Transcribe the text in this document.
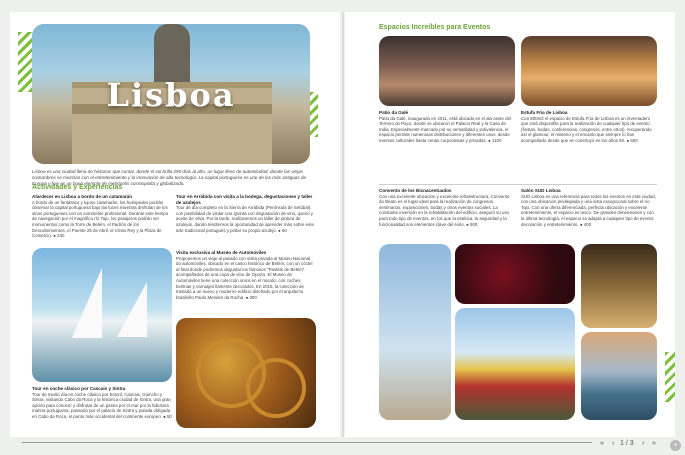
Lisboa

Lisboa es una ciudad llena de historias que contar, donde el sol brilla 290 días al año, un lugar lleno de autenticidad, donde las viejas costumbres se mezclan con el entretenimiento y la innovación de alta tecnología. La capital portuguesa es uno de las más antiguas de Europa y hay es un buen ejemplo de metrópolis cosmopolita y globalizada.

Actividades y Experiencias
Atardecer en Lisboa a bordo de un catamarán
A bordo de un fantástico y lujoso catamarán, los huéspedes podrán observar la capital portuguesa bajo las luces mientras disfrutan de los vinos portugueses con un sommelier profesional. Durante este tiempo de navegación por el magnífico río Tajo, los pasajeros podrán ver monumentos como la Torre de Belém, el Padrón de los Descubrimientos, el Puente 25 de Abril, el Cristo Rey y la Plaza de Comercio. ● 240
Tour en coche clásico por Cascais y Sintra
Tour de medio día en coche clásico por Estoril, Cascais, Guincho y Sintra, visitando Cabo da Roca y la histórica ciudad de Sintra, una gran opción para conocer y disfrutar de un paseo por el mar por la fabulosa marina portuguesa, pasando por el palacio de Sintra y parada obligada en Cabo da Roca, el punto más occidental del continente europeo. ● 50
Tour en Arrábida con visita a la bodega, degustaciones y taller de azulejos
Tour de día completo en la Sierra de Arrábida (Península de Setúbal), con posibilidad de visitar una Quinta con degustación de vino, queso y aceite de oliva. Por la tarde, realizaremos un taller de pintura de azulejos, dando tendremos la oportunidad de aprender más sobre este arte tradicional portugués y pintar su propio azulejo. ● 60
Visita exclusiva al Museo de Automóviles
Proponemos un viaje al pasado con visita privada al Museu Nacional do automóviles, ubicado en el casco histórico de Belém, con un cóctel al final donde podremos degustar los famosos "Pastéis de Belém" acompañados de una copa de vino de Oporto. El Museo de Automóviles tiene una colección única en el mundo, con coches, berlinas y carruajes llamente decorados. En 2015, la colección de trasladó a un nuevo y moderno edificio diseñado por el arquitecto brasileño Paulo Mendes da Rocha. ● 300
Espacios Increíbles para Eventos
Patio da Galé
Patio da Galé, inaugurado en 2011, está ubicado en el ala oeste del Terreiro do Paço, donde se ubicaron el Palacio Real y la Casa de India. Especialmente marcado por su versatilidad y polivalencia, el espacio permite numerosas distribuciones y diferentes usos, desde eventos culturales hasta cenas corporativas y privadas. ● 1100
Estufa Fria de Lisboa
Con 800m2 el espacio de Estufa Fría de Lisboa es un invernadero que está disponible para la realización de cualquier tipo de evento (fiestas, bodas, conferencias, congresos, entre otros), recuperando así el glamour, el misterio y el encanto que siempre lo han acompañado desde que se construyó en los años 50. ● 600
Convento de los Bicnacentuados
Con una excelente ubicación y excelente infraestructura, Convento do Beato es el lugar ideal para la realización de congresos, seminarios, exposiciones, bodas y otros eventos sociales. La constante inversión en la rehabilitación del edificio, aseguró su uso para todo tipo de eventos, en los que la estética, la seguridad y la funcionalidad son elementos clave del éxito. ● 900
Salón SUD Lisboa
SUD Lisboa es una referencia para todos los eventos en esta ciudad, con una ubicación privilegiada y una vista excepcional sobre el río Tajo. Con una oferta diferenciada, perfecta ubicación y excelente entretenimiento, el espacio es único. De grandes dimensiones y con la última tecnología, el espacio se adapta a cualquier tipo de evento: decoración y entretenimiento. ● 400
« ‹ 1 / 3 › »	+
